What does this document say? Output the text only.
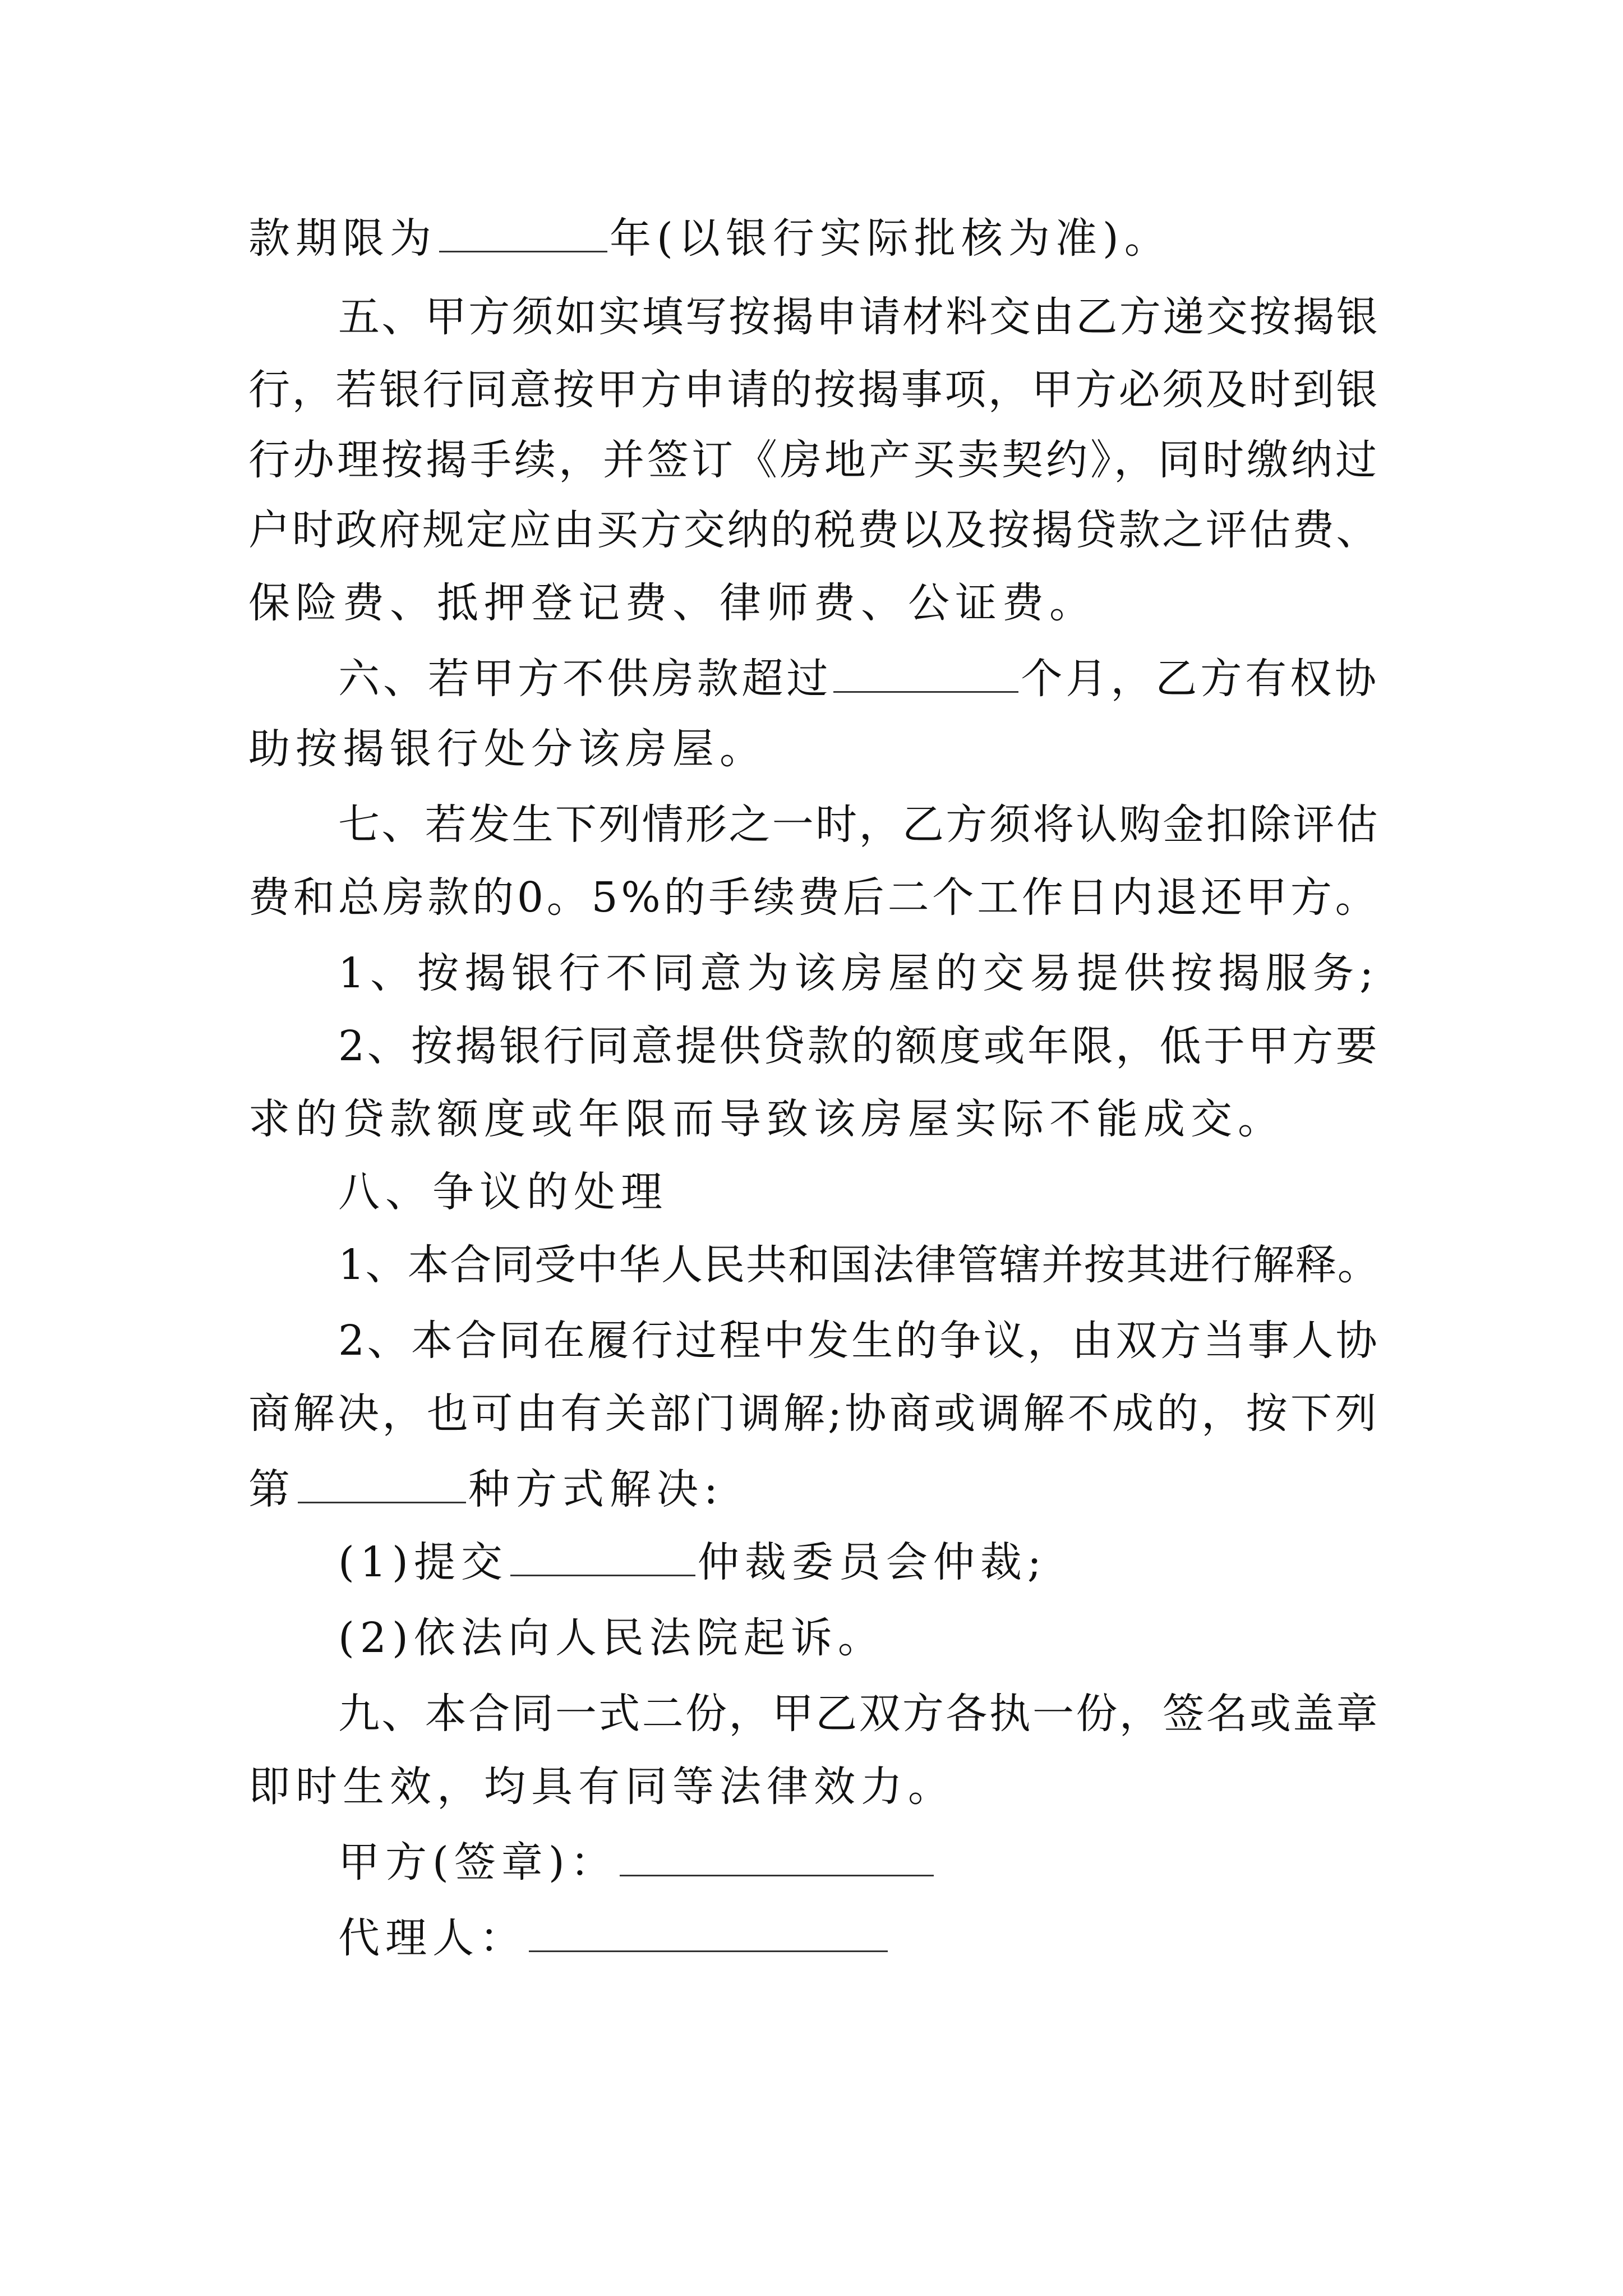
款期限为	年(以银行实际批核为准)。
五、甲方须如实填写按揭申请材料交由乙方递交按揭银
行，若银行同意按甲方申请的按揭事项，甲方必须及时到银
行办理按揭手续，并签订《房地产买卖契约》，同时缴纳过
户时政府规定应由买方交纳的税费以及按揭贷款之评估费、
保险费、抵押登记费、律师费、公证费。
六、若甲方不供房款超过	个月，乙方有权协
助按揭银行处分该房屋。
七、若发生下列情形之一时，乙方须将认购金扣除评估
费和总房款的0。5%的手续费后二个工作日内退还甲方。
1、按揭银行不同意为该房屋的交易提供按揭服务;
2、按揭银行同意提供贷款的额度或年限，低于甲方要
求的贷款额度或年限而导致该房屋实际不能成交。
八、争议的处理
1、本合同受中华人民共和国法律管辖并按其进行解释。
2、本合同在履行过程中发生的争议，由双方当事人协
商解决，也可由有关部门调解;协商或调解不成的，按下列
第	种方式解决:
(1)提交	仲裁委员会仲裁;
(2)依法向人民法院起诉。
九、本合同一式二份，甲乙双方各执一份，签名或盖章
即时生效，均具有同等法律效力。
甲方(签章)：
代理人：
